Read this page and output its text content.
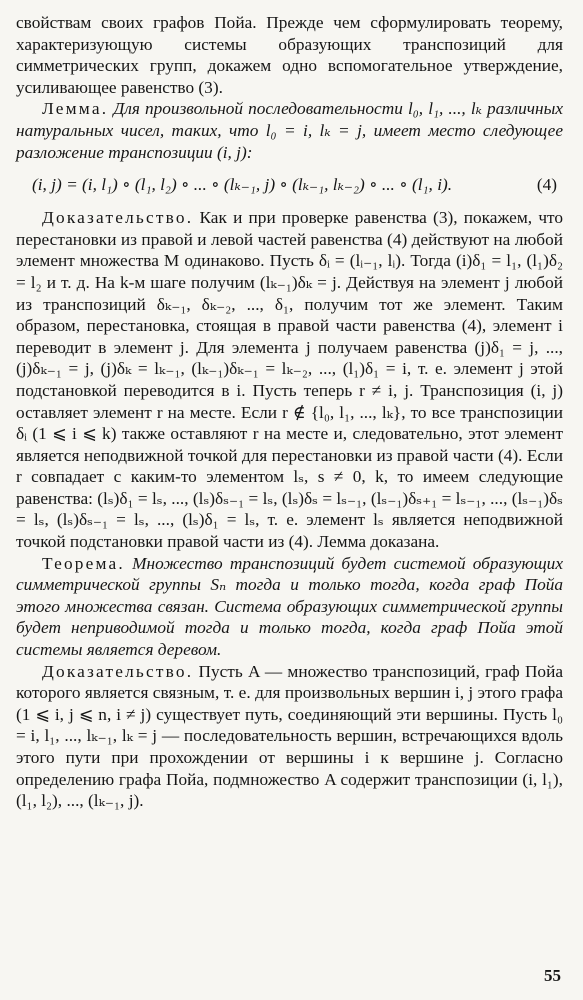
свойствам своих графов Пойа. Прежде чем сформулировать теорему, характеризующую системы образующих транспозиций для симметрических групп, докажем одно вспомогательное утверждение, усиливающее равенство (3).

Лемма. Для произвольной последовательности l₀, l₁, ..., lₖ различных натуральных чисел, таких, что l₀ = i, lₖ = j, имеет место следующее разложение транспозиции (i, j):

(i, j) = (i, l₁) ∘ (l₁, l₂) ∘ ... ∘ (lₖ₋₁, j) ∘ (lₖ₋₁, lₖ₋₂) ∘ ... ∘ (l₁, i).	(4)

Доказательство. Как и при проверке равенства (3), покажем, что перестановки из правой и левой частей равенства (4) действуют на любой элемент множества M одинаково. Пусть δᵢ = (lᵢ₋₁, lᵢ). Тогда (i)δ₁ = l₁, (l₁)δ₂ = l₂ и т. д. На k-м шаге получим (lₖ₋₁)δₖ = j. Действуя на элемент j любой из транспозиций δₖ₋₁, δₖ₋₂, ..., δ₁, получим тот же элемент. Таким образом, перестановка, стоящая в правой части равенства (4), элемент i переводит в элемент j. Для элемента j получаем равенства (j)δ₁ = j, ..., (j)δₖ₋₁ = j, (j)δₖ = lₖ₋₁, (lₖ₋₁)δₖ₋₁ = lₖ₋₂, ..., (l₁)δ₁ = i, т. е. элемент j этой подстановкой переводится в i. Пусть теперь r ≠ i, j. Транспозиция (i, j) оставляет элемент r на месте. Если r ∉ {l₀, l₁, ..., lₖ}, то все транспозиции δᵢ (1 ⩽ i ⩽ k) также оставляют r на месте и, следовательно, этот элемент является неподвижной точкой для перестановки из правой части (4). Если r совпадает с каким-то элементом lₛ, s ≠ 0, k, то имеем следующие равенства: (lₛ)δ₁ = lₛ, ..., (lₛ)δₛ₋₁ = lₛ, (lₛ)δₛ = lₛ₋₁, (lₛ₋₁)δₛ₊₁ = lₛ₋₁, ..., (lₛ₋₁)δₛ = lₛ, (lₛ)δₛ₋₁ = lₛ, ..., (lₛ)δ₁ = lₛ, т. е. элемент lₛ является неподвижной точкой подстановки правой части из (4). Лемма доказана.

Теорема. Множество транспозиций будет системой образующих симметрической группы Sₙ тогда и только тогда, когда граф Пойа этого множества связан. Система образующих симметрической группы будет неприводимой тогда и только тогда, когда граф Пойа этой системы является деревом.

Доказательство. Пусть A — множество транспозиций, граф Пойа которого является связным, т. е. для произвольных вершин i, j этого графа (1 ⩽ i, j ⩽ n, i ≠ j) существует путь, соединяющий эти вершины. Пусть l₀ = i, l₁, ..., lₖ₋₁, lₖ = j — последовательность вершин, встречающихся вдоль этого пути при прохождении от вершины i к вершине j. Согласно определению графа Пойа, подмножество A содержит транспозиции (i, l₁), (l₁, l₂), ..., (lₖ₋₁, j).

55
